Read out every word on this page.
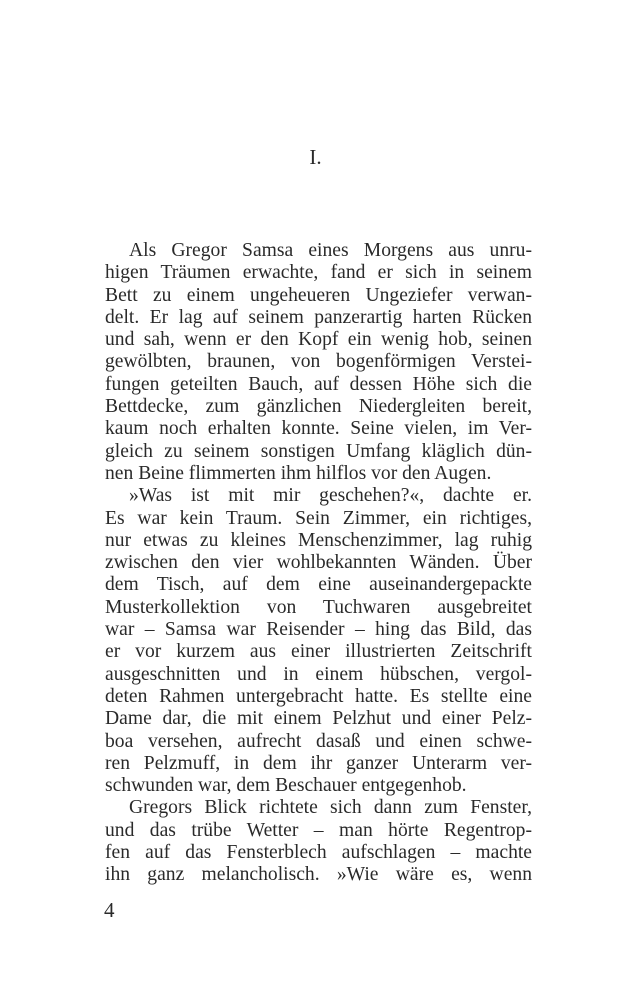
I.
Als Gregor Samsa eines Morgens aus unru-
higen Träumen erwachte, fand er sich in seinem
Bett zu einem ungeheueren Ungeziefer verwan-
delt. Er lag auf seinem panzerartig harten Rücken
und sah, wenn er den Kopf ein wenig hob, seinen
gewölbten, braunen, von bogenförmigen Verstei-
fungen geteilten Bauch, auf dessen Höhe sich die
Bettdecke, zum gänzlichen Niedergleiten bereit,
kaum noch erhalten konnte. Seine vielen, im Ver-
gleich zu seinem sonstigen Umfang kläglich dün-
nen Beine flimmerten ihm hilflos vor den Augen.
»Was ist mit mir geschehen?«, dachte er.
Es war kein Traum. Sein Zimmer, ein richtiges,
nur etwas zu kleines Menschenzimmer, lag ruhig
zwischen den vier wohlbekannten Wänden. Über
dem Tisch, auf dem eine auseinandergepackte
Musterkollektion von Tuchwaren ausgebreitet
war – Samsa war Reisender – hing das Bild, das
er vor kurzem aus einer illustrierten Zeitschrift
ausgeschnitten und in einem hübschen, vergol-
deten Rahmen untergebracht hatte. Es stellte eine
Dame dar, die mit einem Pelzhut und einer Pelz-
boa versehen, aufrecht dasaß und einen schwe-
ren Pelzmuff, in dem ihr ganzer Unterarm ver-
schwunden war, dem Beschauer entgegenhob.
Gregors Blick richtete sich dann zum Fenster,
und das trübe Wetter – man hörte Regentrop-
fen auf das Fensterblech aufschlagen – machte
ihn ganz melancholisch. »Wie wäre es, wenn
4
